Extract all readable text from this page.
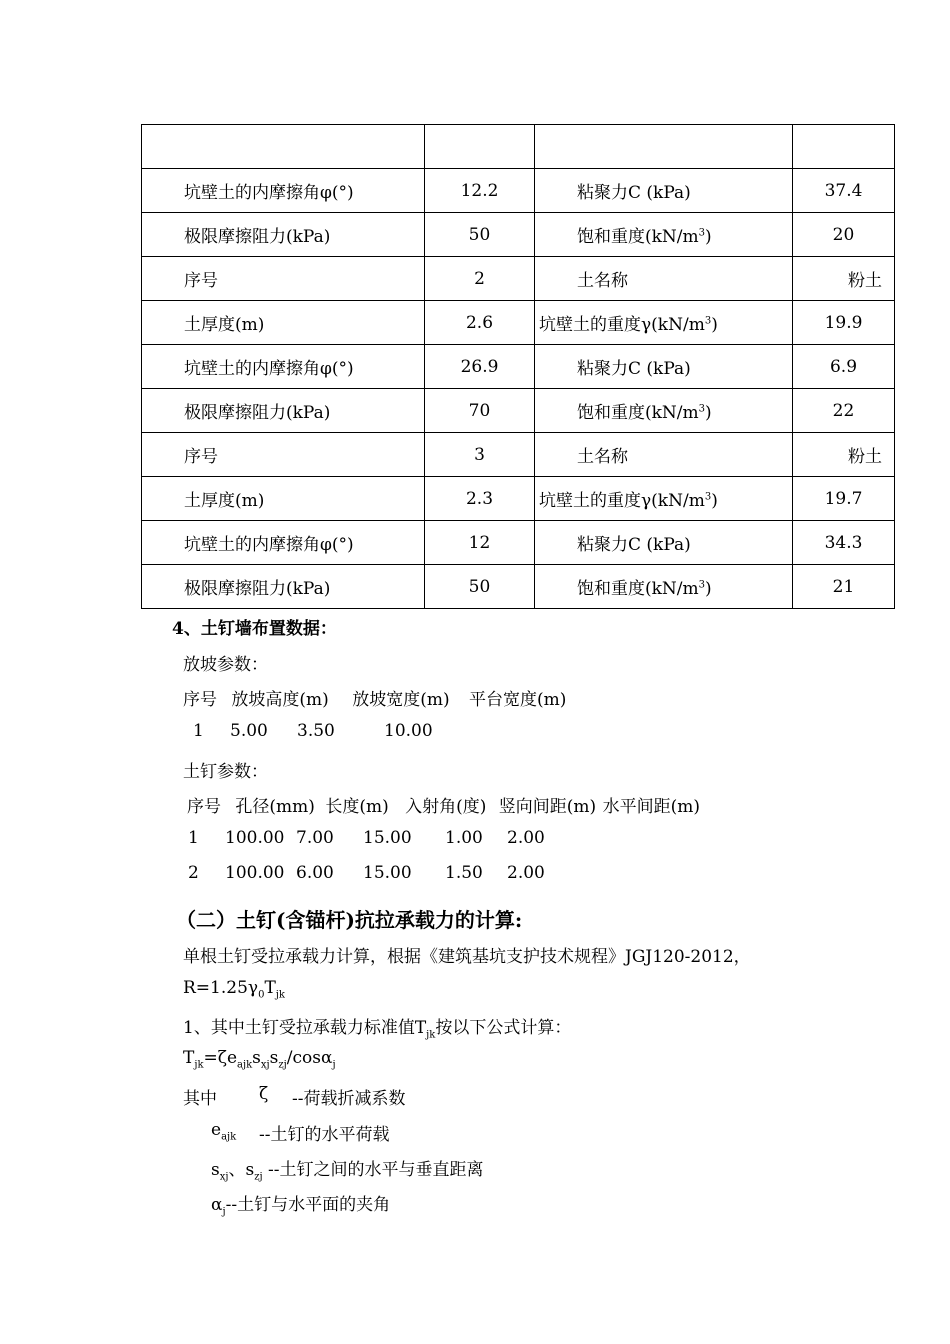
坑壁土的内摩擦角φ(°)	12.2	粘聚力C (kPa)	37.4
极限摩擦阻力(kPa)	50	饱和重度$(kN/m^3)$	20
序号	2	土名称	粉土
土厚度(m)	2.6	坑壁土的重度$\gamma(kN/m^3)$	19.9
坑壁土的内摩擦角φ(°)	26.9	粘聚力C (kPa)	6.9
极限摩擦阻力(kPa)	70	饱和重度$(kN/m^3)$	22
序号	3	土名称	粉土
土厚度(m)	2.3	坑壁土的重度$\gamma(kN/m^3)$	19.7
坑壁土的内摩擦角φ(°)	12	粘聚力C (kPa)	34.3
极限摩擦阻力(kPa)	50	饱和重度$(kN/m^3)$	21
4、土钉墙布置数据：
放坡参数：
序号 放坡高度(m) 放坡宽度(m) 平台宽度(m)
1 5.00 3.50	10.00
土钉参数：
序号 孔径(mm) 长度(m) 入射角(度) 竖向间距(m) 水平间距(m)
1 100.00 7.00 15.00 1.00 2.00
2 100.00 6.00 15.00 1.50 2.00
（二）土钉(含锚杆)抗拉承载力的计算:
单根土钉受拉承载力计算，根据《建筑基坑支护技术规程》JGJ120-2012，
$R=1.25\gamma_0T_{jk}$
1、其中土钉受拉承载力标准值$T_{jk}$按以下公式计算：
$T_{jk}=\zeta e_{ajk}s_{xj}s_{zj}/\cos\alpha_j$
其中 ζ --荷载折减系数
$e_{ajk}$ --土钉的水平荷载
$s_{xj}$、$s_{zj}$ --土钉之间的水平与垂直距离
$\alpha_j--$土钉与水平面的夹角
